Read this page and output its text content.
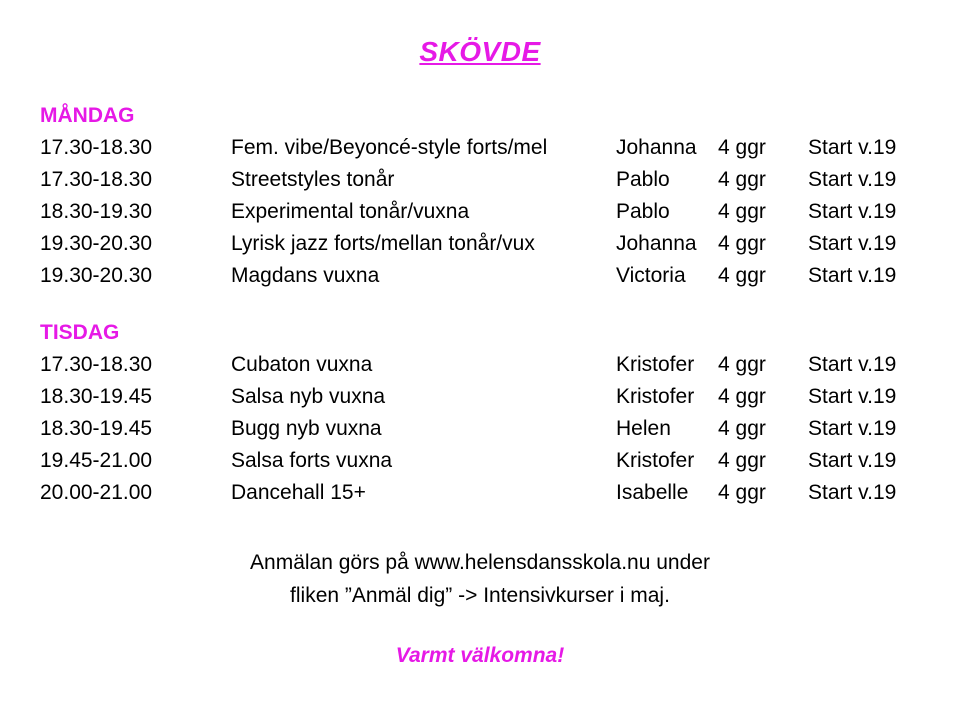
SKÖVDE
MÅNDAG
17.30-18.30	Fem. vibe/Beyoncé-style forts/mel	Johanna	4 ggr	Start v.19
17.30-18.30	Streetstyles tonår	Pablo	4 ggr	Start v.19
18.30-19.30	Experimental tonår/vuxna	Pablo	4 ggr	Start v.19
19.30-20.30	Lyrisk jazz forts/mellan tonår/vux	Johanna	4 ggr	Start v.19
19.30-20.30	Magdans vuxna	Victoria	4 ggr	Start v.19
TISDAG
17.30-18.30	Cubaton vuxna	Kristofer	4 ggr	Start v.19
18.30-19.45	Salsa nyb vuxna	Kristofer	4 ggr	Start v.19
18.30-19.45	Bugg nyb vuxna	Helen	4 ggr	Start v.19
19.45-21.00	Salsa forts vuxna	Kristofer	4 ggr	Start v.19
20.00-21.00	Dancehall 15+	Isabelle	4 ggr	Start v.19
Anmälan görs på www.helensdansskola.nu under
fliken ”Anmäl dig” -> Intensivkurser i maj.
Varmt välkomna!
